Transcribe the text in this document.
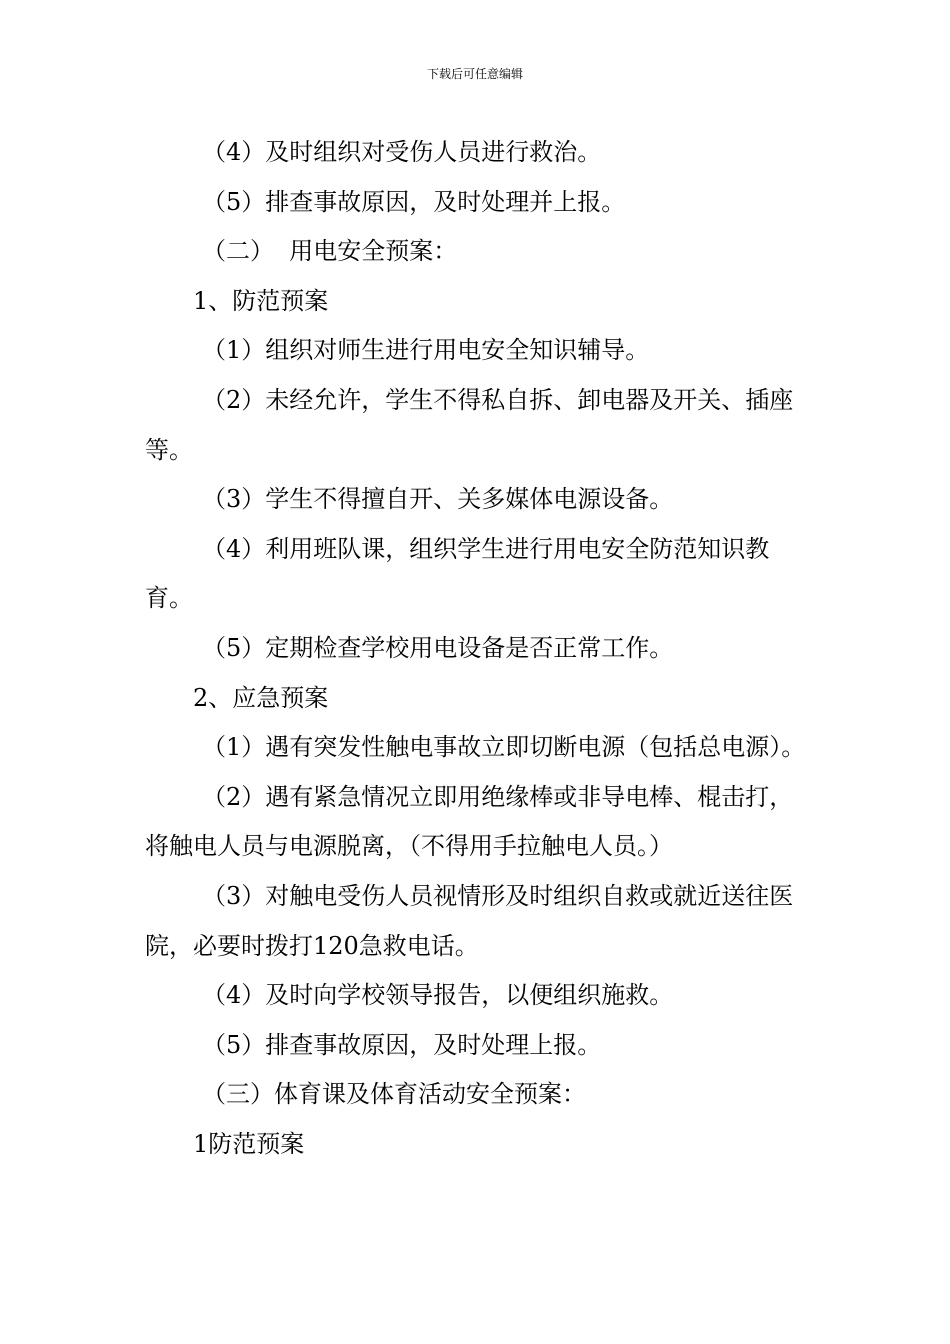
下载后可任意编辑

（4）及时组织对受伤人员进行救治。

（5）排查事故原因，及时处理并上报。

（二）  用电安全预案：

1、防范预案

（1）组织对师生进行用电安全知识辅导。

（2）未经允许，学生不得私自拆、卸电器及开关、插座等。

（3）学生不得擅自开、关多媒体电源设备。

（4）利用班队课，组织学生进行用电安全防范知识教育。

（5）定期检查学校用电设备是否正常工作。

2、应急预案

（1）遇有突发性触电事故立即切断电源（包括总电源）。

（2）遇有紧急情况立即用绝缘棒或非导电棒、棍击打，将触电人员与电源脱离，（不得用手拉触电人员。）

（3）对触电受伤人员视情形及时组织自救或就近送往医院，必要时拨打120急救电话。

（4）及时向学校领导报告，以便组织施救。

（5）排查事故原因，及时处理上报。

（三）体育课及体育活动安全预案：

1防范预案
